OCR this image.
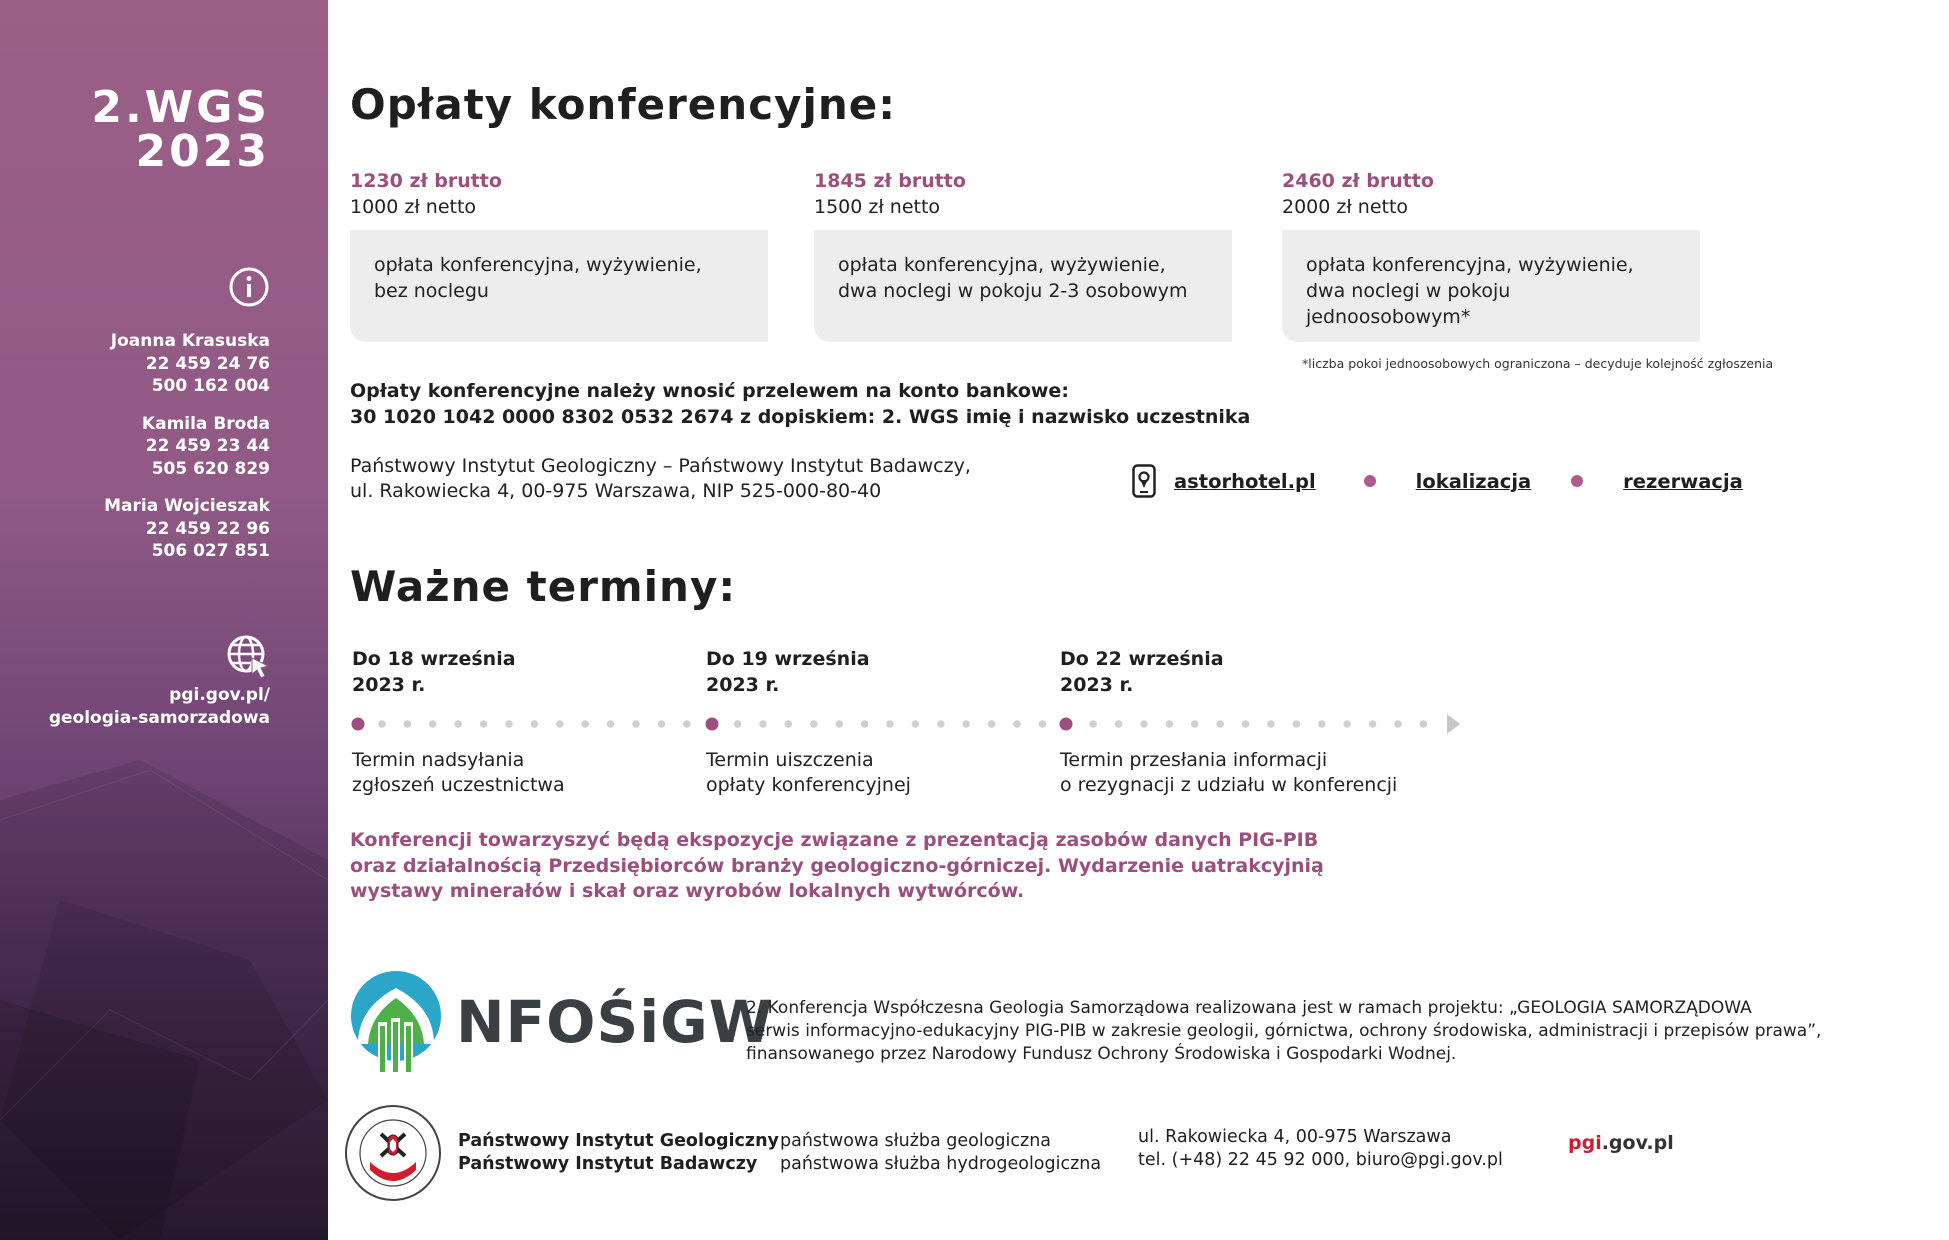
2.WGS
2023
Joanna Krasuska
22 459 24 76
500 162 004
Kamila Broda
22 459 23 44
505 620 829
Maria Wojcieszak
22 459 22 96
506 027 851
pgi.gov.pl/
geologia-samorzadowa
Opłaty konferencyjne:
1230 zł brutto
1000 zł netto
opłata konferencyjna, wyżywienie,
bez noclegu
1845 zł brutto
1500 zł netto
opłata konferencyjna, wyżywienie,
dwa noclegi w pokoju 2-3 osobowym
2460 zł brutto
2000 zł netto
opłata konferencyjna, wyżywienie,
dwa noclegi w pokoju jednoosobowym*
*liczba pokoi jednoosobowych ograniczona – decyduje kolejność zgłoszenia
Opłaty konferencyjne należy wnosić przelewem na konto bankowe:
30 1020 1042 0000 8302 0532 2674 z dopiskiem: 2. WGS imię i nazwisko uczestnika
Państwowy Instytut Geologiczny – Państwowy Instytut Badawczy,
ul. Rakowiecka 4, 00-975 Warszawa, NIP 525-000-80-40	astorhotel.pl	lokalizacja	rezerwacja
Ważne terminy:
Do 18 września
2023 r.
Do 19 września
2023 r.
Do 22 września
2023 r.
Termin nadsyłania
zgłoszeń uczestnictwa
Termin uiszczenia
opłaty konferencyjnej
Termin przesłania informacji
o rezygnacji z udziału w konferencji
Konferencji towarzyszyć będą ekspozycje związane z prezentacją zasobów danych PIG-PIB
oraz działalnością Przedsiębiorców branży geologiczno-górniczej. Wydarzenie uatrakcyjnią
wystawy minerałów i skał oraz wyrobów lokalnych wytwórców.
NFOŚiGW
2. Konferencja Współczesna Geologia Samorządowa realizowana jest w ramach projektu: „GEOLOGIA SAMORZĄDOWA
serwis informacyjno-edukacyjny PIG-PIB w zakresie geologii, górnictwa, ochrony środowiska, administracji i przepisów prawa”,
finansowanego przez Narodowy Fundusz Ochrony Środowiska i Gospodarki Wodnej.
Państwowy Instytut Geologiczny
Państwowy Instytut Badawczy
państwowa służba geologiczna
państwowa służba hydrogeologiczna
ul. Rakowiecka 4, 00-975 Warszawa
tel. (+48) 22 45 92 000, biuro@pgi.gov.pl
pgi.gov.pl
